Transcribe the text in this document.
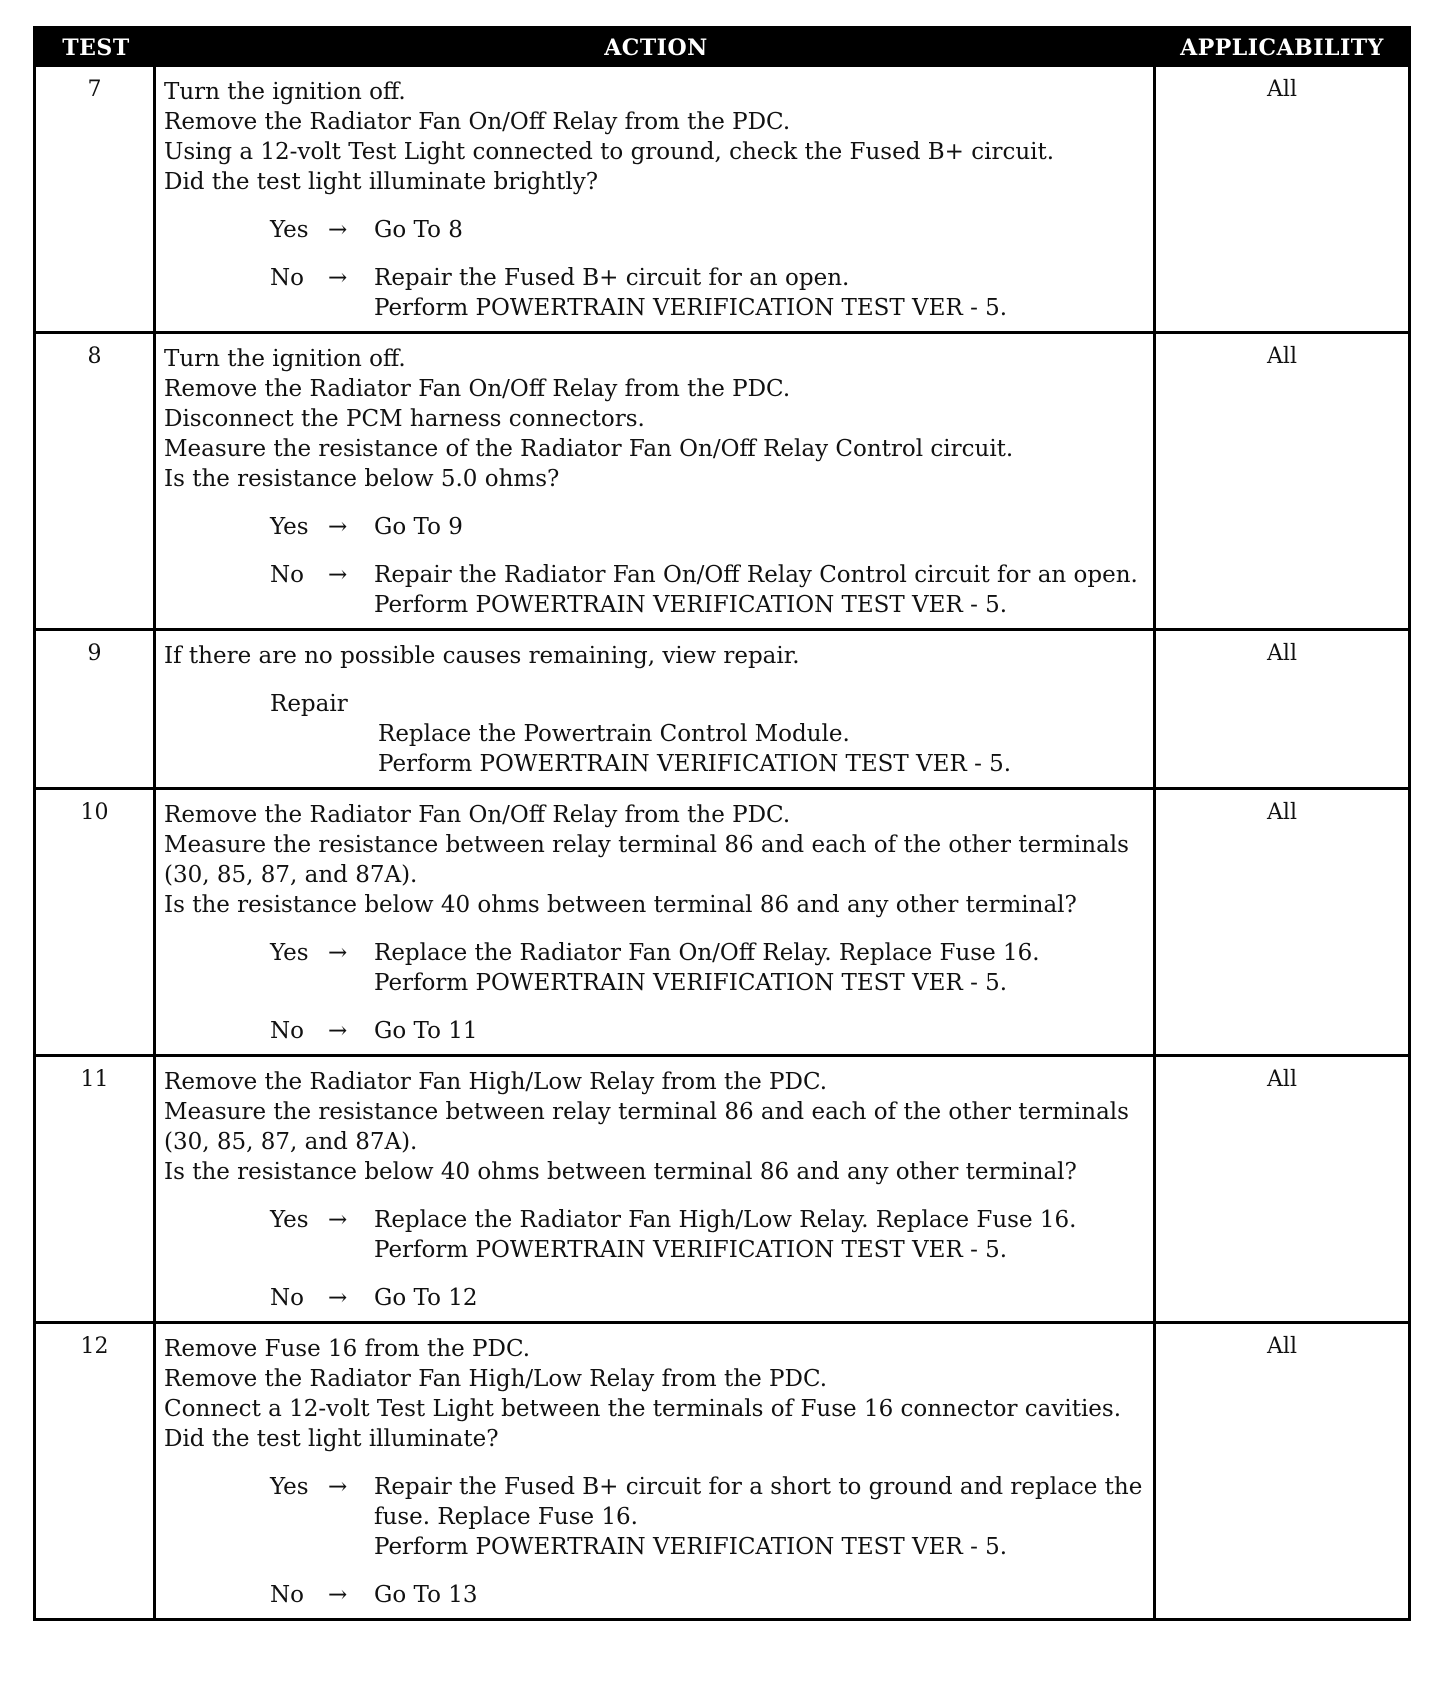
TEST	ACTION	APPLICABILITY
7	Turn the ignition off.
Remove the Radiator Fan On/Off Relay from the PDC.
Using a 12-volt Test Light connected to ground, check the Fused B+ circuit.
Did the test light illuminate brightly?
Yes →	Go To 8
No	→	Repair the Fused B+ circuit for an open.
Perform POWERTRAIN VERIFICATION TEST VER - 5.
All
8	Turn the ignition off.
Remove the Radiator Fan On/Off Relay from the PDC.
Disconnect the PCM harness connectors.
Measure the resistance of the Radiator Fan On/Off Relay Control circuit.
Is the resistance below 5.0 ohms?
Yes →	Go To 9
No	→	Repair the Radiator Fan On/Off Relay Control circuit for an open.
Perform POWERTRAIN VERIFICATION TEST VER - 5.
All
9	If there are no possible causes remaining, view repair.
Repair
Replace the Powertrain Control Module.
Perform POWERTRAIN VERIFICATION TEST VER - 5.
All
10	Remove the Radiator Fan On/Off Relay from the PDC.
Measure the resistance between relay terminal 86 and each of the other terminals
(30, 85, 87, and 87A).
Is the resistance below 40 ohms between terminal 86 and any other terminal?
Yes →	Replace the Radiator Fan On/Off Relay. Replace Fuse 16.
Perform POWERTRAIN VERIFICATION TEST VER - 5.
No	→	Go To 11
All
11	Remove the Radiator Fan High/Low Relay from the PDC.
Measure the resistance between relay terminal 86 and each of the other terminals
(30, 85, 87, and 87A).
Is the resistance below 40 ohms between terminal 86 and any other terminal?
Yes →	Replace the Radiator Fan High/Low Relay. Replace Fuse 16.
Perform POWERTRAIN VERIFICATION TEST VER - 5.
No	→	Go To 12
All
12	Remove Fuse 16 from the PDC.
Remove the Radiator Fan High/Low Relay from the PDC.
Connect a 12-volt Test Light between the terminals of Fuse 16 connector cavities.
Did the test light illuminate?
Yes →	Repair the Fused B+ circuit for a short to ground and replace the
fuse. Replace Fuse 16.
Perform POWERTRAIN VERIFICATION TEST VER - 5.
No	→	Go To 13
All
